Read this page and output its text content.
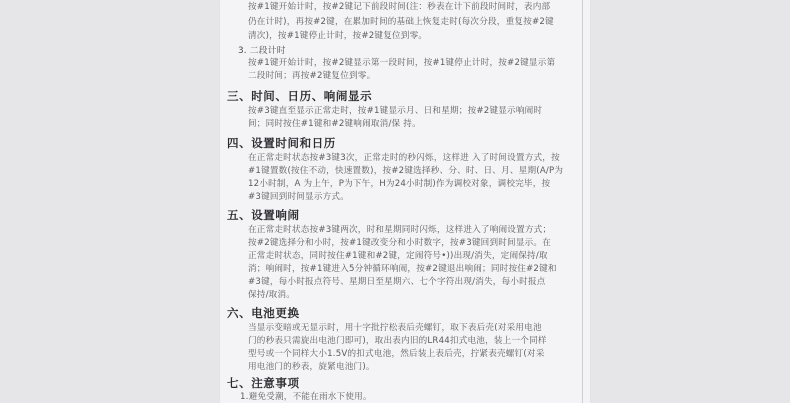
按#1键开始计时，按#2键记下前段时间(注：秒表在计下前段时间时，表内部
仍在计时)，再按#2键，在累加时间的基础上恢复走时(每次分段，重复按#2键
清次)，按#1键停止计时，按#2键复位到零。
3. 二段计时
按#1键开始计时，按#2键显示第一段时间，按#1键停止计时，按#2键显示第
二段时间；再按#2键复位到零。
三、时间、日历、响闹显示
按#3键直至显示正常走时，按#1键显示月、日和星期；按#2键显示响闹时
间；同时按住#1键和#2键响闹取消/保 持。
四、设置时间和日历
在正常走时状态按#3键3次，正常走时的秒闪烁，这样进 入了时间设置方式，按
#1键置数(按住不动，快速置数)，按#2键选择秒、分、时、日、月、星期(A/P为
12小时制，A 为上午，P为下午，H为24小时制)作为调校对象，调校完毕，按
#3键回到时间显示方式。
五、设置响闹
在正常走时状态按#3键两次，时和星期同时闪烁，这样进入了响闹设置方式；
按#2键选择分和小时，按#1键改变分和小时数字，按#3键回到时间显示。在
正常走时状态，同时按住#1键和#2键，定闹符号•))出现/消失，定闹保持/取
消；响闹时，按#1键进入5分钟循环响闹，按#2键退出响闹；同时按住#2键和
#3键，每小时报点符号、星期日至星期六、七个字符出现/消失，每小时报点
保持/取消。
六、电池更换
当显示变暗或无显示时，用十字批拧松表后壳螺钉，取下表后壳(对采用电池
门的秒表只需旋出电池门即可)，取出表内旧的LR44扣式电池，装上一个同样
型号或一个同样大小1.5V的扣式电池，然后装上表后壳，拧紧表壳螺钉(对采
用电池门的秒表，旋紧电池门)。
七、注意事项
1.避免受潮，不能在雨水下使用。
